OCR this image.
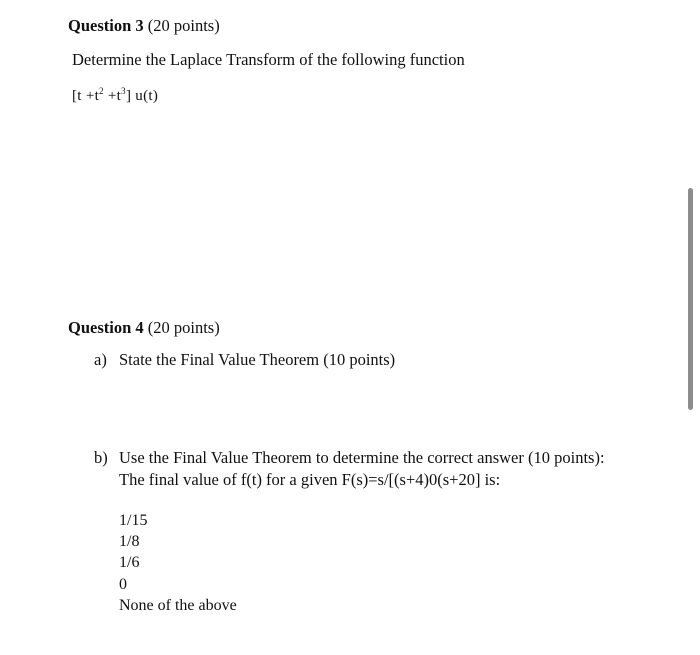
Question 3 (20 points)
Determine the Laplace Transform of the following function
$[t +t^2 +t^3]$ u(t)
Question 4 (20 points)
a) State the Final Value Theorem (10 points)
b) Use the Final Value Theorem to determine the correct answer (10 points):
The final value of f(t) for a given F(s)=s/[(s+4)0(s+20] is:
1/15
1/8
1/6
0
None of the above
